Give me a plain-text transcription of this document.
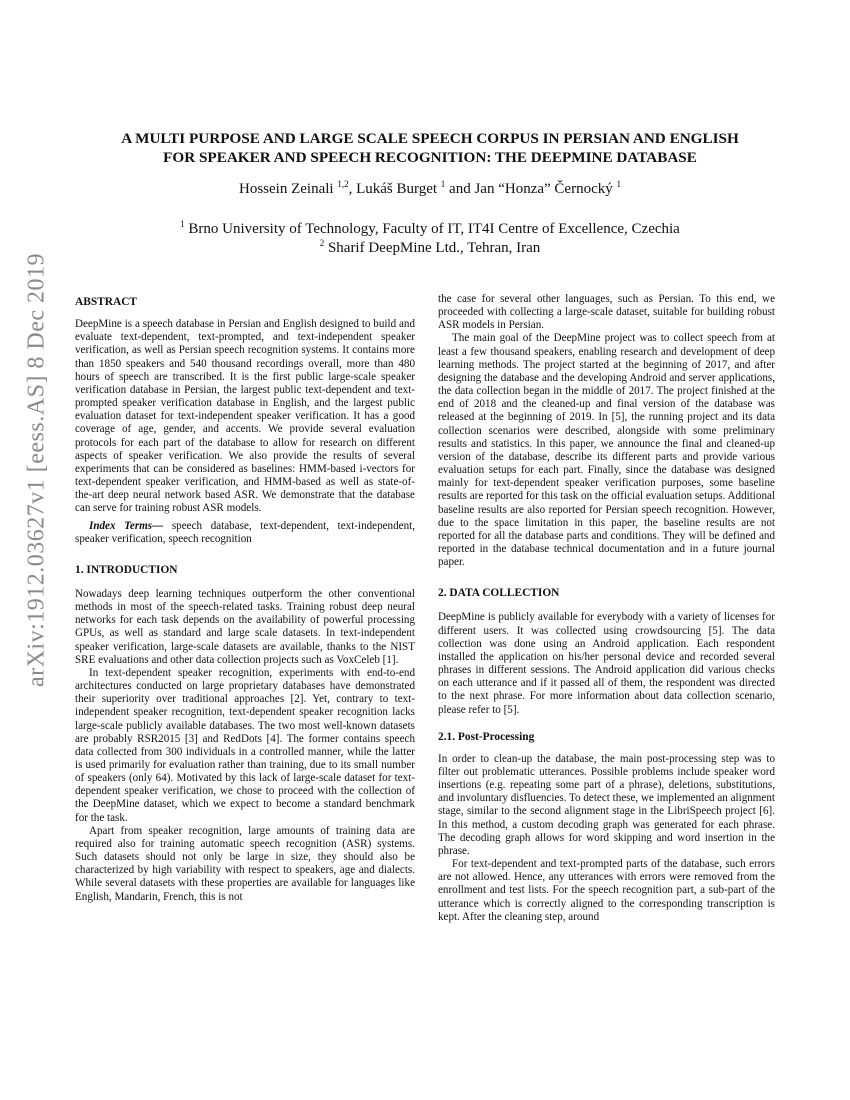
arXiv:1912.03627v1 [eess.AS] 8 Dec 2019
A MULTI PURPOSE AND LARGE SCALE SPEECH CORPUS IN PERSIAN AND ENGLISH
FOR SPEAKER AND SPEECH RECOGNITION: THE DEEPMINE DATABASE
Hossein Zeinali $^{1,2}$, Lukáš Burget $^1$ and Jan “Honza” Černocký $^1$
$^1$ Brno University of Technology, Faculty of IT, IT4I Centre of Excellence, Czechia
$^2$ Sharif DeepMine Ltd., Tehran, Iran

ABSTRACT

DeepMine is a speech database in Persian and English designed to build and evaluate text-dependent, text-prompted, and text-independent speaker verification, as well as Persian speech recognition systems. It contains more than 1850 speakers and 540 thousand recordings overall, more than 480 hours of speech are transcribed. It is the first public large-scale speaker verification database in Persian, the largest public text-dependent and text-prompted speaker verification database in English, and the largest public evaluation dataset for text-independent speaker verification. It has a good coverage of age, gender, and accents. We provide several evaluation protocols for each part of the database to allow for research on different aspects of speaker verification. We also provide the results of several experiments that can be considered as baselines: HMM-based i-vectors for text-dependent speaker verification, and HMM-based as well as state-of-the-art deep neural network based ASR. We demonstrate that the database can serve for training robust ASR models.

Index Terms— speech database, text-dependent, text-independent, speaker verification, speech recognition

1. INTRODUCTION

Nowadays deep learning techniques outperform the other conventional methods in most of the speech-related tasks. Training robust deep neural networks for each task depends on the availability of powerful processing GPUs, as well as standard and large scale datasets. In text-independent speaker verification, large-scale datasets are available, thanks to the NIST SRE evaluations and other data collection projects such as VoxCeleb [1].

In text-dependent speaker recognition, experiments with end-to-end architectures conducted on large proprietary databases have demonstrated their superiority over traditional approaches [2]. Yet, contrary to text-independent speaker recognition, text-dependent speaker recognition lacks large-scale publicly available databases. The two most well-known datasets are probably RSR2015 [3] and RedDots [4]. The former contains speech data collected from 300 individuals in a controlled manner, while the latter is used primarily for evaluation rather than training, due to its small number of speakers (only 64). Motivated by this lack of large-scale dataset for text-dependent speaker verification, we chose to proceed with the collection of the DeepMine dataset, which we expect to become a standard benchmark for the task.

Apart from speaker recognition, large amounts of training data are required also for training automatic speech recognition (ASR) systems. Such datasets should not only be large in size, they should also be characterized by high variability with respect to speakers, age and dialects. While several datasets with these properties are available for languages like English, Mandarin, French, this is not

the case for several other languages, such as Persian. To this end, we proceeded with collecting a large-scale dataset, suitable for building robust ASR models in Persian.

The main goal of the DeepMine project was to collect speech from at least a few thousand speakers, enabling research and development of deep learning methods. The project started at the beginning of 2017, and after designing the database and the developing Android and server applications, the data collection began in the middle of 2017. The project finished at the end of 2018 and the cleaned-up and final version of the database was released at the beginning of 2019. In [5], the running project and its data collection scenarios were described, alongside with some preliminary results and statistics. In this paper, we announce the final and cleaned-up version of the database, describe its different parts and provide various evaluation setups for each part. Finally, since the database was designed mainly for text-dependent speaker verification purposes, some baseline results are reported for this task on the official evaluation setups. Additional baseline results are also reported for Persian speech recognition. However, due to the space limitation in this paper, the baseline results are not reported for all the database parts and conditions. They will be defined and reported in the database technical documentation and in a future journal paper.

2. DATA COLLECTION

DeepMine is publicly available for everybody with a variety of licenses for different users. It was collected using crowdsourcing [5]. The data collection was done using an Android application. Each respondent installed the application on his/her personal device and recorded several phrases in different sessions. The Android application did various checks on each utterance and if it passed all of them, the respondent was directed to the next phrase. For more information about data collection scenario, please refer to [5].

2.1. Post-Processing

In order to clean-up the database, the main post-processing step was to filter out problematic utterances. Possible problems include speaker word insertions (e.g. repeating some part of a phrase), deletions, substitutions, and involuntary disfluencies. To detect these, we implemented an alignment stage, similar to the second alignment stage in the LibriSpeech project [6]. In this method, a custom decoding graph was generated for each phrase. The decoding graph allows for word skipping and word insertion in the phrase.

For text-dependent and text-prompted parts of the database, such errors are not allowed. Hence, any utterances with errors were removed from the enrollment and test lists. For the speech recognition part, a sub-part of the utterance which is correctly aligned to the corresponding transcription is kept. After the cleaning step, around
